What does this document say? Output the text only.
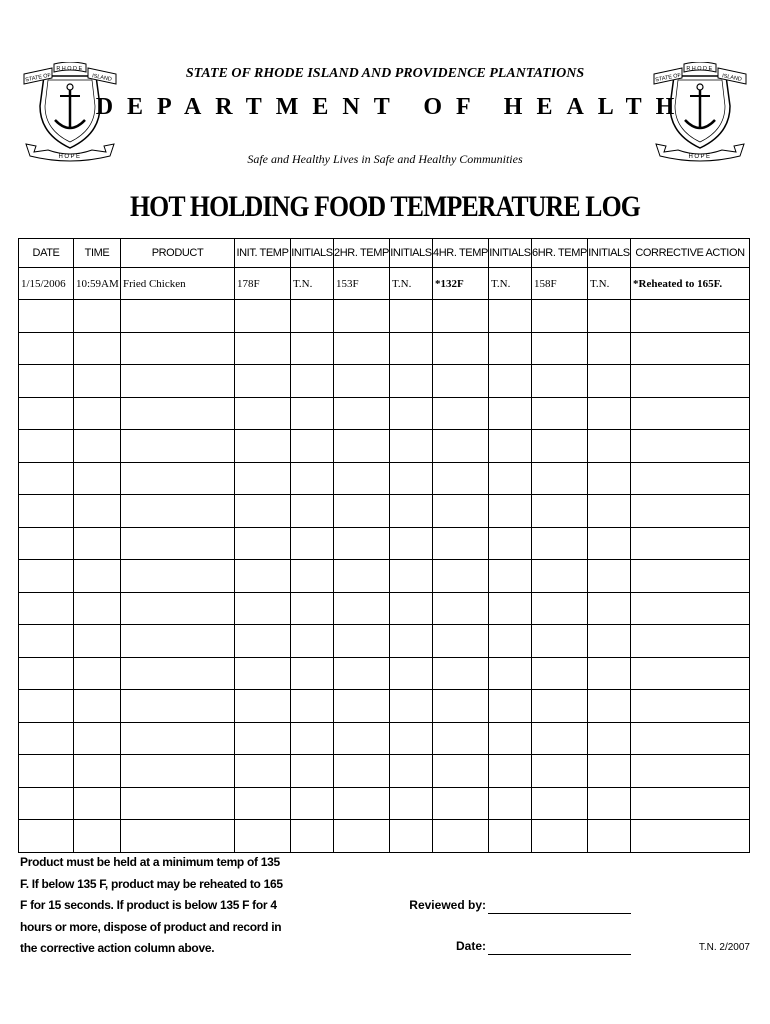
STATE OF
RHODE
ISLAND
HOPE
STATE OF
RHODE
ISLAND
HOPE
STATE OF RHODE ISLAND AND PROVIDENCE PLANTATIONS
DEPARTMENT OF HEALTH
Safe and Healthy Lives in Safe and Healthy Communities
HOT HOLDING FOOD TEMPERATURE LOG
DATE	TIME	PRODUCT	INIT. TEMP	INITIALS	2HR. TEMP	INITIALS	4HR. TEMP	INITIALS	6HR. TEMP	INITIALS	CORRECTIVE ACTION
1/15/2006	10:59AM	Fried Chicken	178F	T.N.	153F	T.N.	*132F	T.N.	158F	T.N.	*Reheated to 165F.

Product must be held at a minimum temp of 135 F. If below 135 F, product may be reheated to 165 F for 15 seconds. If product is below 135 F for 4 hours or more, dispose of product and record in the corrective action column above.
Reviewed by:
Date:	T.N. 2/2007
